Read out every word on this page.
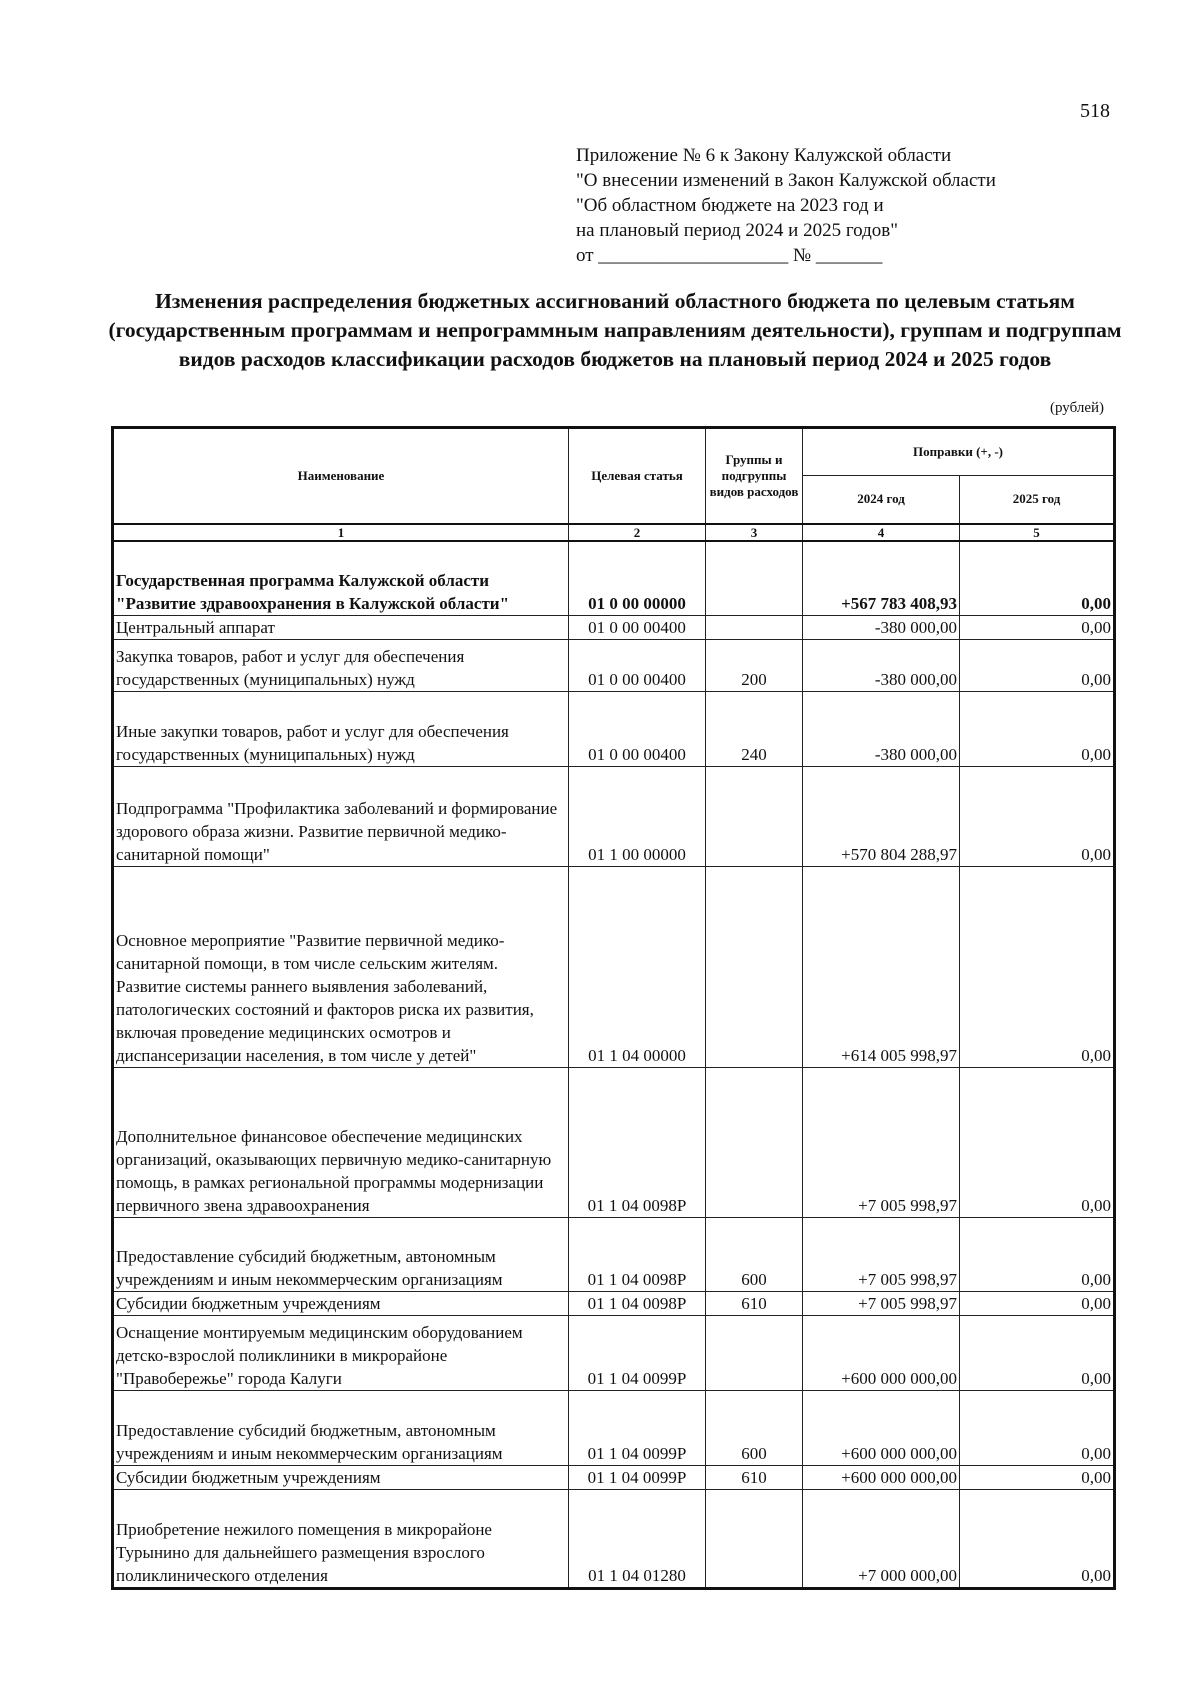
518
Приложение № 6 к Закону Калужской области
"О внесении изменений в Закон Калужской области
"Об областном бюджете на 2023 год и
на плановый период 2024 и 2025 годов"
от ____________________ № _______
Изменения распределения бюджетных ассигнований областного бюджета по целевым статьям (государственным программам и непрограммным направлениям деятельности), группам и подгруппам видов расходов классификации расходов бюджетов на плановый период 2024 и 2025 годов
(рублей)
Наименование	Целевая статья	Группы и подгруппы видов расходов	Поправки (+, -)	
			2024 год	2025 год
1	2	3	4	5
Государственная программа Калужской области "Развитие здравоохранения в Калужской области"	01 0 00 00000		+567 783 408,93	0,00
Центральный аппарат	01 0 00 00400		-380 000,00	0,00
Закупка товаров, работ и услуг для обеспечения государственных (муниципальных) нужд	01 0 00 00400	200	-380 000,00	0,00
Иные закупки товаров, работ и услуг для обеспечения государственных (муниципальных) нужд	01 0 00 00400	240	-380 000,00	0,00
Подпрограмма "Профилактика заболеваний и формирование здорового образа жизни. Развитие первичной медико-санитарной помощи"	01 1 00 00000		+570 804 288,97	0,00
Основное мероприятие "Развитие первичной медико-санитарной помощи, в том числе сельским жителям. Развитие системы раннего выявления заболеваний, патологических состояний и факторов риска их развития, включая проведение медицинских осмотров и диспансеризации населения, в том числе у детей"	01 1 04 00000		+614 005 998,97	0,00
Дополнительное финансовое обеспечение медицинских организаций, оказывающих первичную медико-санитарную помощь, в рамках региональной программы модернизации первичного звена здравоохранения	01 1 04 0098Р		+7 005 998,97	0,00
Предоставление субсидий бюджетным, автономным учреждениям и иным некоммерческим организациям	01 1 04 0098Р	600	+7 005 998,97	0,00
Субсидии бюджетным учреждениям	01 1 04 0098Р	610	+7 005 998,97	0,00
Оснащение монтируемым медицинским оборудованием детско-взрослой поликлиники в микрорайоне "Правобережье" города Калуги	01 1 04 0099Р		+600 000 000,00	0,00
Предоставление субсидий бюджетным, автономным учреждениям и иным некоммерческим организациям	01 1 04 0099Р	600	+600 000 000,00	0,00
Субсидии бюджетным учреждениям	01 1 04 0099Р	610	+600 000 000,00	0,00
Приобретение нежилого помещения в микрорайоне Турынино для дальнейшего размещения взрослого поликлинического отделения	01 1 04 01280		+7 000 000,00	0,00
